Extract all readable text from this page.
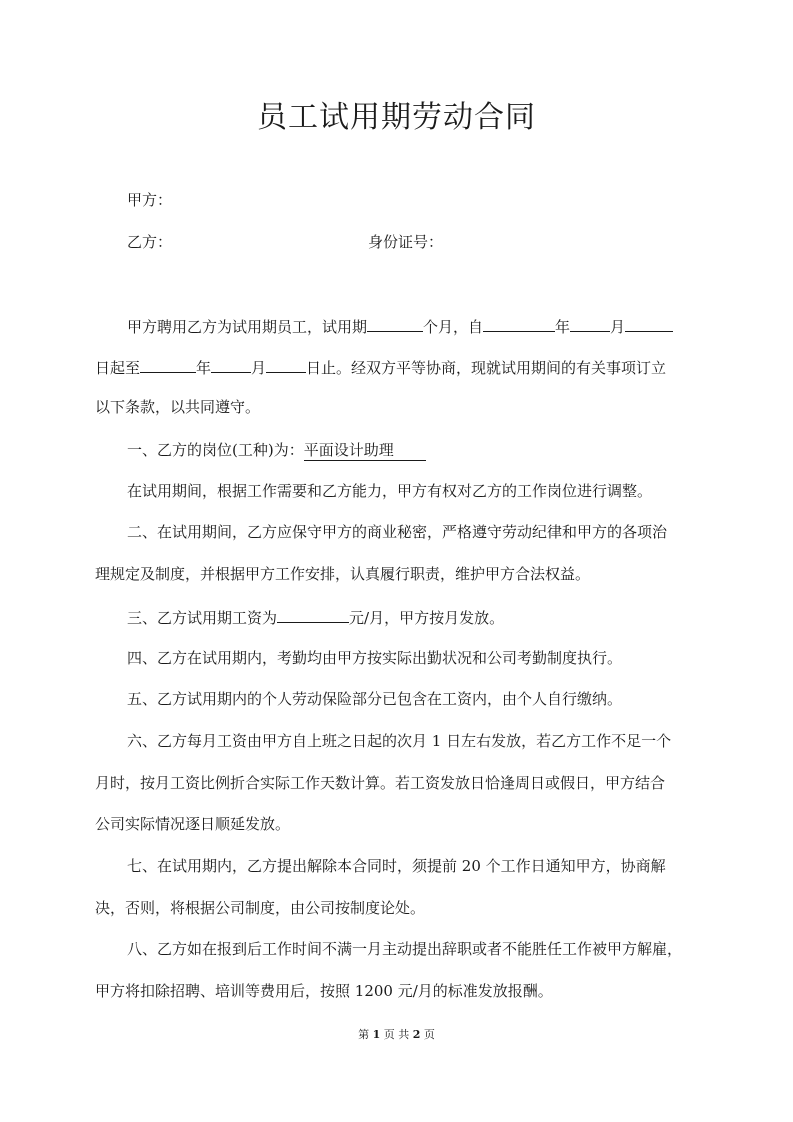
员工试用期劳动合同

甲方：

乙方：	身份证号：

甲方聘用乙方为试用期员工，试用期	个月，自	年	月

日起至	年	月	日止。经双方平等协商，现就试用期间的有关事项订立

以下条款，以共同遵守。

一、乙方的岗位(工种)为：平面设计助理

在试用期间，根据工作需要和乙方能力，甲方有权对乙方的工作岗位进行调整。

二、在试用期间，乙方应保守甲方的商业秘密，严格遵守劳动纪律和甲方的各项治

理规定及制度，并根据甲方工作安排，认真履行职责，维护甲方合法权益。

三、乙方试用期工资为	元/月，甲方按月发放。

四、乙方在试用期内，考勤均由甲方按实际出勤状况和公司考勤制度执行。

五、乙方试用期内的个人劳动保险部分已包含在工资内，由个人自行缴纳。

六、乙方每月工资由甲方自上班之日起的次月 1 日左右发放，若乙方工作不足一个

月时，按月工资比例折合实际工作天数计算。若工资发放日恰逢周日或假日，甲方结合

公司实际情况逐日顺延发放。

七、在试用期内，乙方提出解除本合同时，须提前 20 个工作日通知甲方，协商解

决，否则，将根据公司制度，由公司按制度论处。

八、乙方如在报到后工作时间不满一月主动提出辞职或者不能胜任工作被甲方解雇，

甲方将扣除招聘、培训等费用后，按照 1200 元/月的标准发放报酬。

第 1 页 共 2 页
